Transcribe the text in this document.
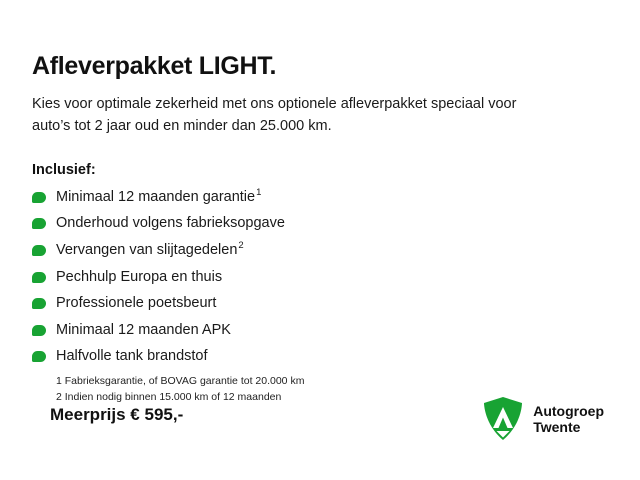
Afleverpakket LIGHT.

Kies voor optimale zekerheid met ons optionele afleverpakket speciaal voor auto’s tot 2 jaar oud en minder dan 25.000 km.

Inclusief:
Minimaal 12 maanden garantie$^1$
Onderhoud volgens fabrieksopgave
Vervangen van slijtagedelen$^2$
Pechhulp Europa en thuis
Professionele poetsbeurt
Minimaal 12 maanden APK
Halfvolle tank brandstof
1 Fabrieksgarantie, of BOVAG garantie tot 20.000 km
2 Indien nodig binnen 15.000 km of 12 maanden
Meerprijs € 595,-	Autogroep
Twente
